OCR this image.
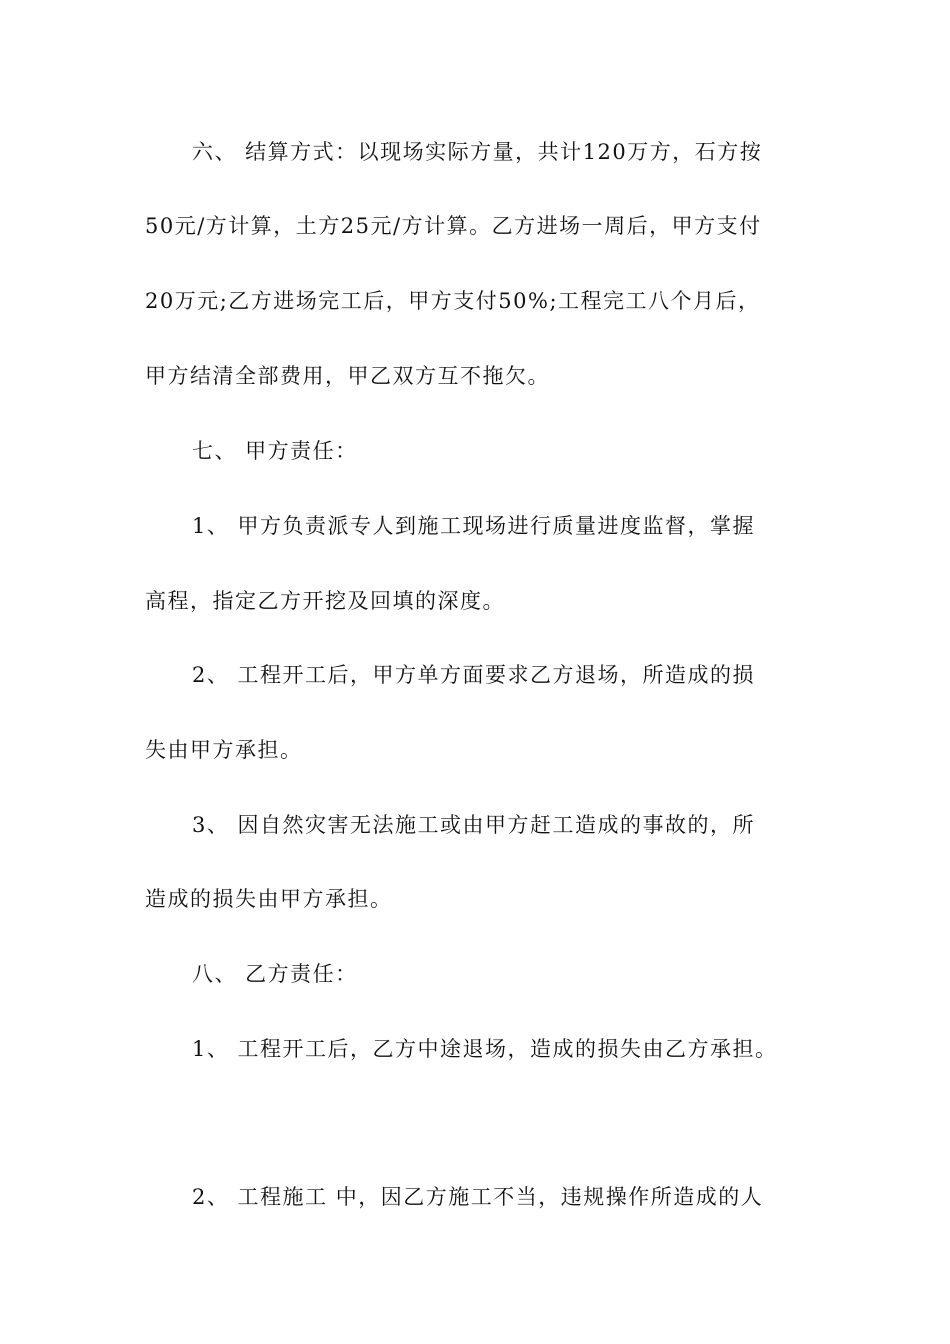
六、 结算方式：以现场实际方量，共计120万方，石方按
50元/方计算，土方25元/方计算。乙方进场一周后，甲方支付
20万元;乙方进场完工后，甲方支付50%;工程完工八个月后，
甲方结清全部费用，甲乙双方互不拖欠。
七、 甲方责任：
1、 甲方负责派专人到施工现场进行质量进度监督，掌握
高程，指定乙方开挖及回填的深度。
2、 工程开工后，甲方单方面要求乙方退场，所造成的损
失由甲方承担。
3、 因自然灾害无法施工或由甲方赶工造成的事故的，所
造成的损失由甲方承担。
八、 乙方责任：
1、 工程开工后，乙方中途退场，造成的损失由乙方承担。
2、 工程施工 中，因乙方施工不当，违规操作所造成的人
